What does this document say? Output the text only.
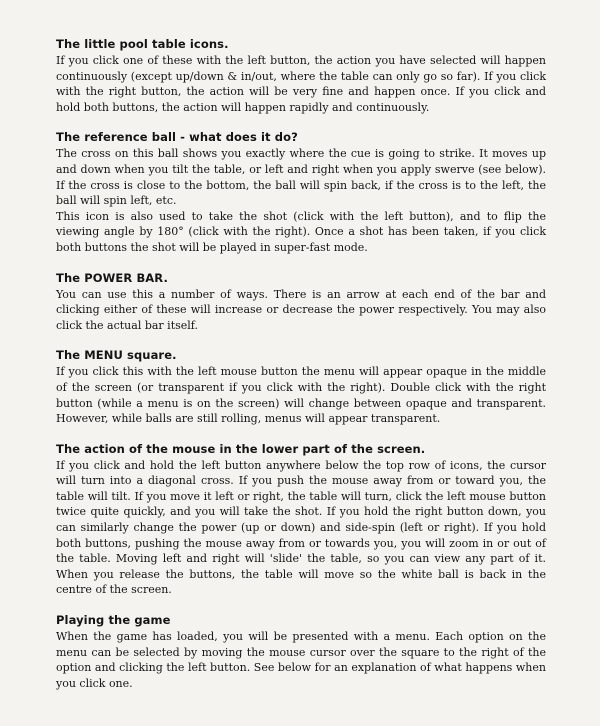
The little pool table icons.

If you click one of these with the left button, the action you have selected will happen continuously (except up/down & in/out, where the table can only go so far). If you click with the right button, the action will be very fine and happen once. If you click and hold both buttons, the action will happen rapidly and continuously.

The reference ball - what does it do?

The cross on this ball shows you exactly where the cue is going to strike. It moves up and down when you tilt the table, or left and right when you apply swerve (see below). If the cross is close to the bottom, the ball will spin back, if the cross is to the left, the ball will spin left, etc.

This icon is also used to take the shot (click with the left button), and to flip the viewing angle by 180° (click with the right). Once a shot has been taken, if you click both buttons the shot will be played in super-fast mode.

The POWER BAR.

You can use this a number of ways. There is an arrow at each end of the bar and clicking either of these will increase or decrease the power respectively. You may also click the actual bar itself.

The MENU square.

If you click this with the left mouse button the menu will appear opaque in the middle of the screen (or transparent if you click with the right). Double click with the right button (while a menu is on the screen) will change between opaque and transparent. However, while balls are still rolling, menus will appear transparent.

The action of the mouse in the lower part of the screen.

If you click and hold the left button anywhere below the top row of icons, the cursor will turn into a diagonal cross. If you push the mouse away from or toward you, the table will tilt. If you move it left or right, the table will turn, click the left mouse button twice quite quickly, and you will take the shot. If you hold the right button down, you can similarly change the power (up or down) and side-spin (left or right). If you hold both buttons, pushing the mouse away from or towards you, you will zoom in or out of the table. Moving left and right will 'slide' the table, so you can view any part of it. When you release the buttons, the table will move so the white ball is back in the centre of the screen.

Playing the game

When the game has loaded, you will be presented with a menu. Each option on the menu can be selected by moving the mouse cursor over the square to the right of the option and clicking the left button. See below for an explanation of what happens when you click one.
